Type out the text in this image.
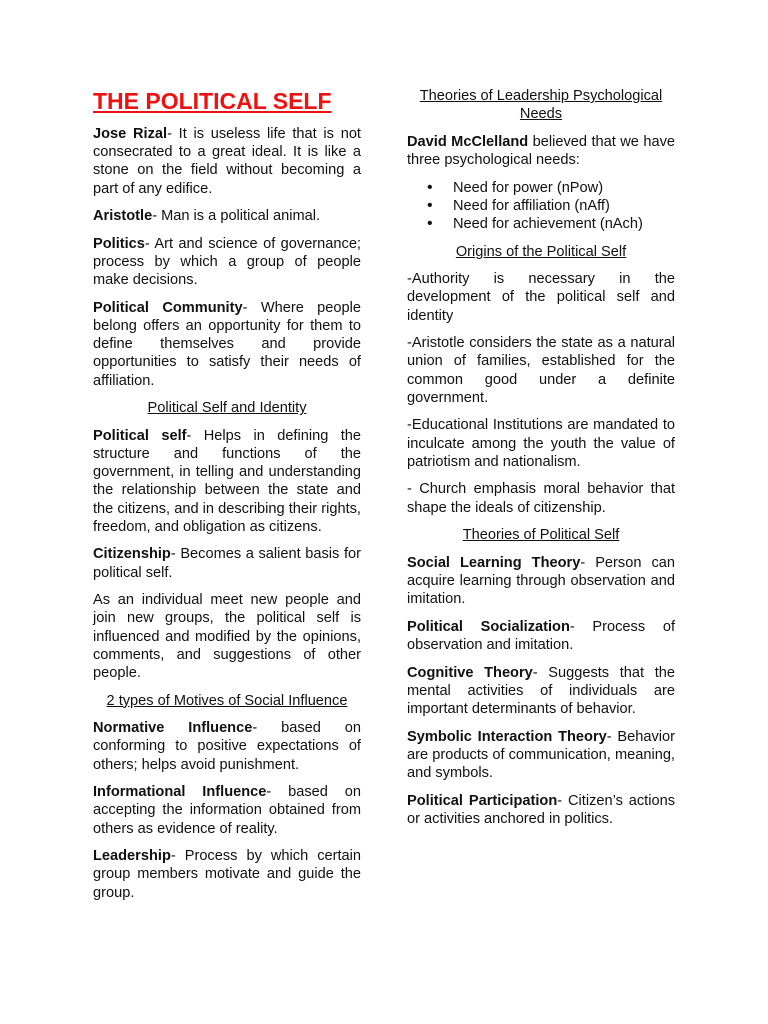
THE POLITICAL SELF

Jose Rizal- It is useless life that is not consecrated to a great ideal. It is like a stone on the field without becoming a part of any edifice.

Aristotle- Man is a political animal.

Politics- Art and science of governance; process by which a group of people make decisions.

Political Community- Where people belong offers an opportunity for them to define themselves and provide opportunities to satisfy their needs of affiliation.

Political Self and Identity

Political self- Helps in defining the structure and functions of the government, in telling and understanding the relationship between the state and the citizens, and in describing their rights, freedom, and obligation as citizens.

Citizenship- Becomes a salient basis for political self.

As an individual meet new people and join new groups, the political self is influenced and modified by the opinions, comments, and suggestions of other people.

2 types of Motives of Social Influence

Normative Influence- based on conforming to positive expectations of others; helps avoid punishment.

Informational Influence- based on accepting the information obtained from others as evidence of reality.

Leadership- Process by which certain group members motivate and guide the group.

Theories of Leadership Psychological Needs

David McClelland believed that we have three psychological needs:

• Need for power (nPow)
• Need for affiliation (nAff)
• Need for achievement (nAch)

Origins of the Political Self

-Authority is necessary in the development of the political self and identity

-Aristotle considers the state as a natural union of families, established for the common good under a definite government.

-Educational Institutions are mandated to inculcate among the youth the value of patriotism and nationalism.

- Church emphasis moral behavior that shape the ideals of citizenship.

Theories of Political Self

Social Learning Theory- Person can acquire learning through observation and imitation.

Political Socialization- Process of observation and imitation.

Cognitive Theory- Suggests that the mental activities of individuals are important determinants of behavior.

Symbolic Interaction Theory- Behavior are products of communication, meaning, and symbols.

Political Participation- Citizen’s actions or activities anchored in politics.
